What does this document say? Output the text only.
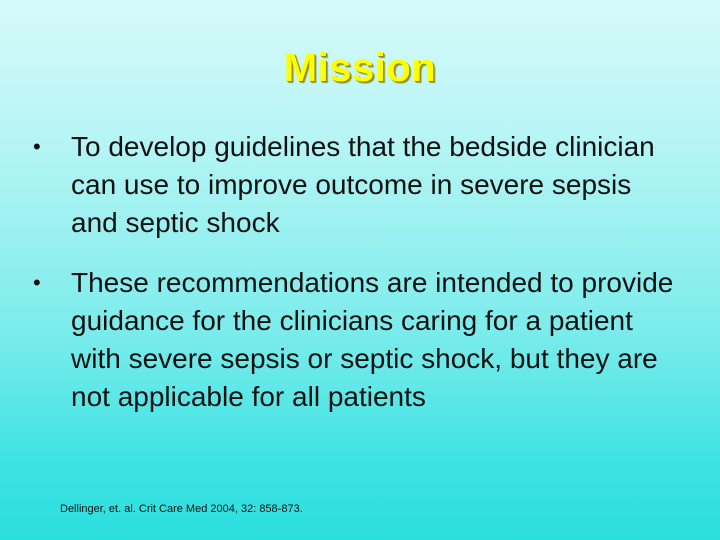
Mission
• To develop guidelines that the bedside clinician can use to improve outcome in severe sepsis and septic shock
• These recommendations are intended to provide guidance for the clinicians caring for a patient with severe sepsis or septic shock, but they are not applicable for all patients
Dellinger, et. al. Crit Care Med 2004, 32: 858-873.
